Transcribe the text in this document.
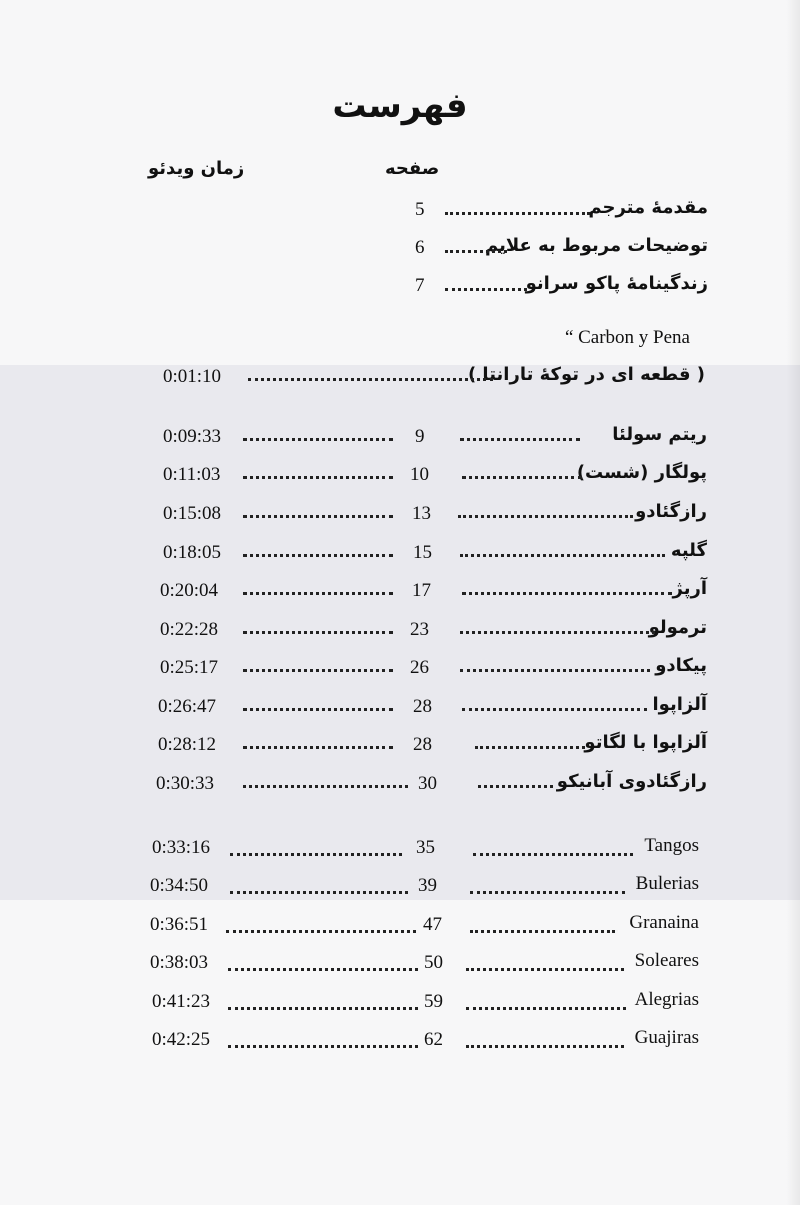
فهرست
صفحه
زمان ویدئو
مقدمهٔ مترجم
5
توضیحات مربوط به علایم
6
زندگینامهٔ پاکو سرانو
7
“ Carbon y Pena
( قطعه ای در توکهٔ تارانتا )
0:01:10
ریتم سولئا
9
0:09:33
پولگار (شست)
10
0:11:03
رازگئادو
13
0:15:08
گلپه
15
0:18:05
آرپژ
17
0:20:04
ترمولو
23
0:22:28
پیکادو
26
0:25:17
آلزاپوا
28
0:26:47
آلزاپوا با لگاتو
28
0:28:12
رازگئادوی آبانیکو
30
0:30:33
Tangos
35
0:33:16
Bulerias
39
0:34:50
Granaina
47
0:36:51
Soleares
50
0:38:03
Alegrias
59
0:41:23
Guajiras
62
0:42:25
